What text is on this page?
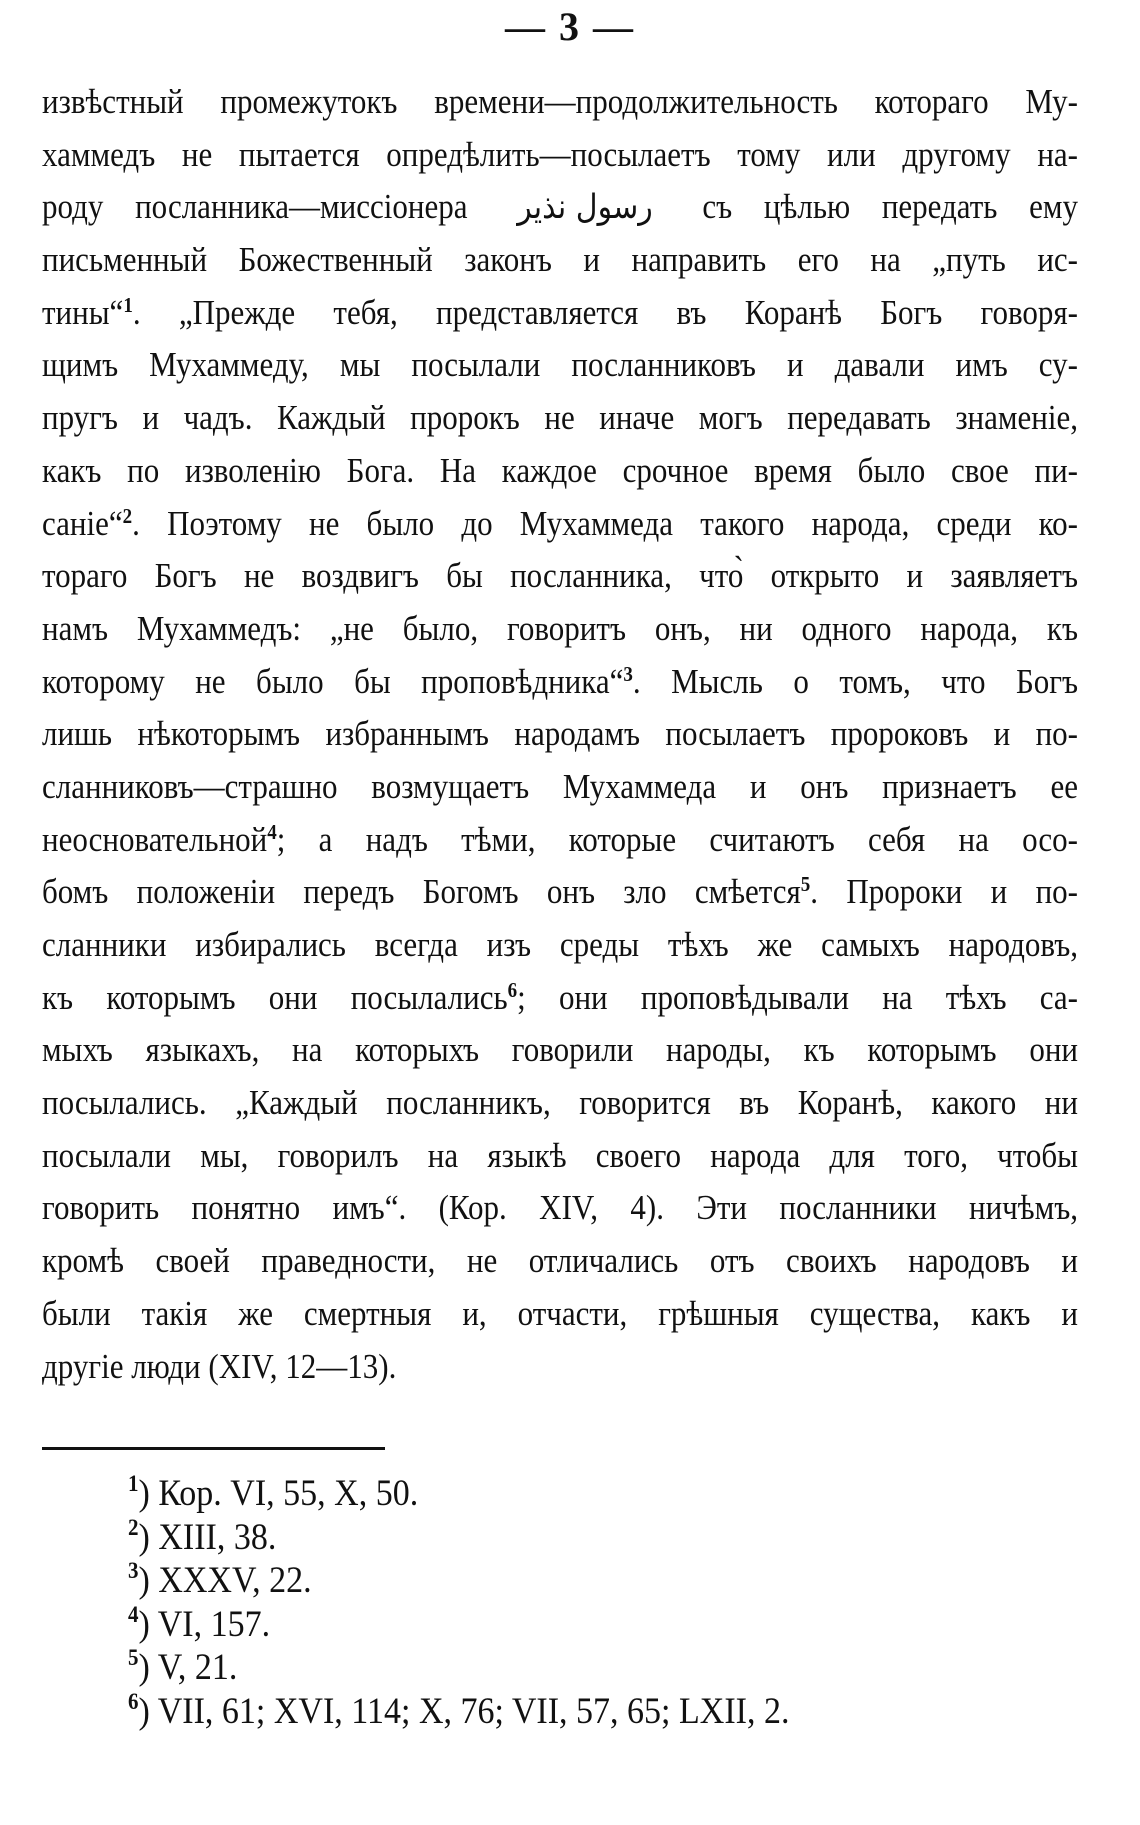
— 3 —
извѣстный промежутокъ времени—продолжительность котораго Му-
хаммедъ не пытается опредѣлить—посылаетъ тому или другому на-
роду посланника—миссіонера رسول نذير съ цѣлью передать ему
письменный Божественный законъ и направить его на „путь ис-
тины“$^1$. „Прежде тебя, представляется въ Коранѣ Богъ говоря-
щимъ Мухаммеду, мы посылали посланниковъ и давали имъ су-
пругъ и чадъ. Каждый пророкъ не иначе могъ передавать знаменіе,
какъ по изволенію Бога. На каждое срочное время было свое пи-
саніе“$^2$. Поэтому не было до Мухаммеда такого народа, среди ко-
тораго Богъ не воздвигъ бы посланника, что̀ открыто и заявляетъ
намъ Мухаммедъ: „не было, говоритъ онъ, ни одного народа, къ
которому не было бы проповѣдника“$^3$. Мысль о томъ, что Богъ
лишь нѣкоторымъ избраннымъ народамъ посылаетъ пророковъ и по-
сланниковъ—страшно возмущаетъ Мухаммеда и онъ признаетъ ее
неосновательной$^4$; а надъ тѣми, которые считаютъ себя на осо-
бомъ положеніи передъ Богомъ онъ зло смѣется$^5$. Пророки и по-
сланники избирались всегда изъ среды тѣхъ же самыхъ народовъ,
къ которымъ они посылались$^6$; они проповѣдывали на тѣхъ са-
мыхъ языкахъ, на которыхъ говорили народы, къ которымъ они
посылались. „Каждый посланникъ, говорится въ Коранѣ, какого ни
посылали мы, говорилъ на языкѣ своего народа для того, чтобы
говорить понятно имъ“. (Кор. XIV, 4). Эти посланники ничѣмъ,
кромѣ своей праведности, не отличались отъ своихъ народовъ и
были такія же смертныя и, отчасти, грѣшныя существа, какъ и
другіе люди (XIV, 12—13).
$^1$) Кор. VI, 55, X, 50.
$^2$) XIII, 38.
$^3$) XXXV, 22.
$^4$) VI, 157.
$^5$) V, 21.
$^6$) VII, 61; XVI, 114; X, 76; VII, 57, 65; LXII, 2.
